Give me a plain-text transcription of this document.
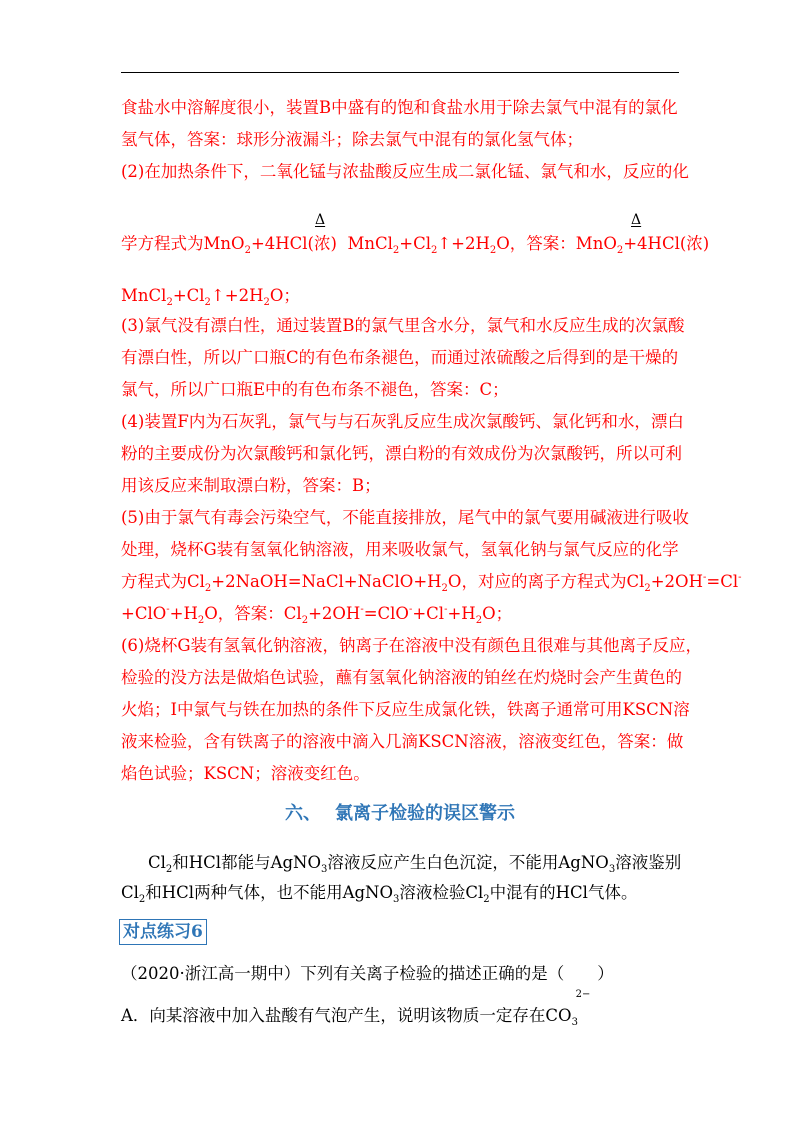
食盐水中溶解度很小，装置B中盛有的饱和食盐水用于除去氯气中混有的氯化
氢气体，答案：球形分液漏斗；除去氯气中混有的氯化氢气体；
(2)在加热条件下，二氧化锰与浓盐酸反应生成二氯化锰、氯气和水，反应的化
Δ	Δ
学方程式为MnO$_2$+4HCl(浓) $MnCl_2+Cl_2↑+2H_2O$，答案：MnO$_2$+4HCl(浓)
$MnCl_2+Cl_2↑+2H_2O$；
(3)氯气没有漂白性，通过装置B的氯气里含水分，氯气和水反应生成的次氯酸
有漂白性，所以广口瓶C的有色布条褪色，而通过浓硫酸之后得到的是干燥的
氯气，所以广口瓶E中的有色布条不褪色，答案：C；
(4)装置F内为石灰乳，氯气与与石灰乳反应生成次氯酸钙、氯化钙和水，漂白
粉的主要成份为次氯酸钙和氯化钙，漂白粉的有效成份为次氯酸钙，所以可利
用该反应来制取漂白粉，答案：B；
(5)由于氯气有毒会污染空气，不能直接排放，尾气中的氯气要用碱液进行吸收
处理，烧杯G装有氢氧化钠溶液，用来吸收氯气，氢氧化钠与氯气反应的化学
方程式为$Cl_2+2NaOH=NaCl+NaClO+H_2O$，对应的离子方程式为$Cl_2+2OH^-=Cl^-$
$+ClO^-+H_2O$，答案：$Cl_2+2OH^-=ClO^-+Cl^-+H_2O$；
(6)烧杯G装有氢氧化钠溶液，钠离子在溶液中没有颜色且很难与其他离子反应，
检验的没方法是做焰色试验，蘸有氢氧化钠溶液的铂丝在灼烧时会产生黄色的
火焰；I中氯气与铁在加热的条件下反应生成氯化铁，铁离子通常可用KSCN溶
液来检验，含有铁离子的溶液中滴入几滴KSCN溶液，溶液变红色，答案：做
焰色试验；KSCN；溶液变红色。
六、 氯离子检验的误区警示
$Cl_2$和HCl都能与AgNO$_3$溶液反应产生白色沉淀，不能用AgNO$_3$溶液鉴别
$Cl_2$和HCl两种气体，也不能用AgNO$_3$溶液检验$Cl_2$中混有的HCl气体。
对点练习6
（2020·浙江高一期中）下列有关离子检验的描述正确的是（　　）
A．向某溶液中加入盐酸有气泡产生，说明该物质一定存在CO
2−
$_3$
